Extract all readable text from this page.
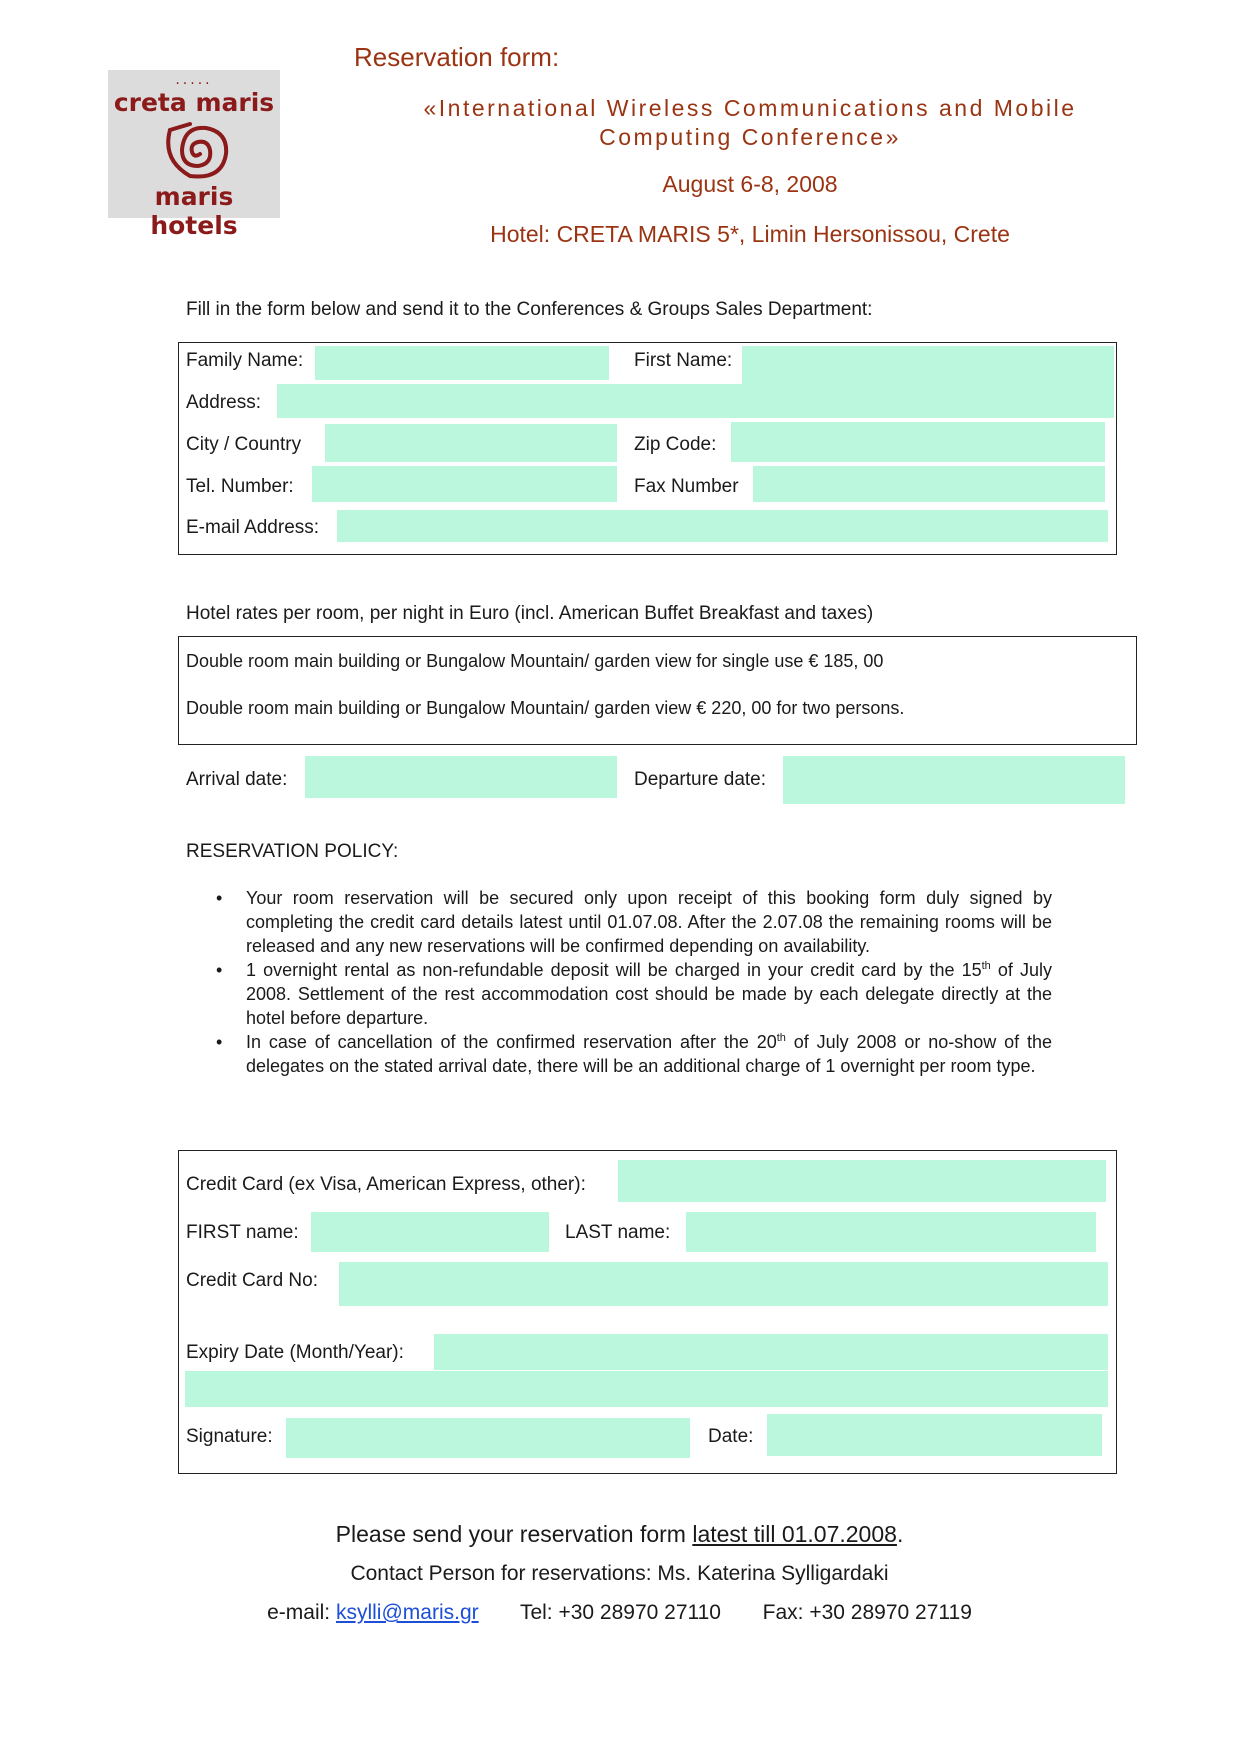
·····
creta maris
maris hotels
Reservation form:
«International Wireless Communications and Mobile
Computing Conference»
August 6-8, 2008
Hotel: CRETA MARIS 5*, Limin Hersonissou, Crete
Fill in the form below and send it to the Conferences & Groups Sales Department:
Family Name:	First Name:
Address:
City / Country	Zip Code:
Tel. Number:	Fax Number
E-mail Address:
Hotel rates per room, per night in Euro (incl. American Buffet Breakfast and taxes)
Double room main building or Bungalow Mountain/ garden view for single use € 185, 00
Double room main building or Bungalow Mountain/ garden view € 220, 00 for two persons.
Arrival date:	Departure date:
RESERVATION POLICY:
• Your room reservation will be secured only upon receipt of this booking form duly signed by completing the credit card details latest until 01.07.08. After the 2.07.08 the remaining rooms will be released and any new reservations will be confirmed depending on availability.
• 1 overnight rental as non-refundable deposit will be charged in your credit card by the 15th of July 2008. Settlement of the rest accommodation cost should be made by each delegate directly at the hotel before departure.
• In case of cancellation of the confirmed reservation after the 20th of July 2008 or no-show of the delegates on the stated arrival date, there will be an additional charge of 1 overnight per room type.
Credit Card (ex Visa, American Express, other):
FIRST name:	LAST name:
Credit Card No:
Expiry Date (Month/Year):
Signature:	Date:
Please send your reservation form latest till 01.07.2008.
Contact Person for reservations: Ms. Katerina Sylligardaki
e-mail: ksylli@maris.gr Tel: +30 28970 27110 Fax: +30 28970 27119
